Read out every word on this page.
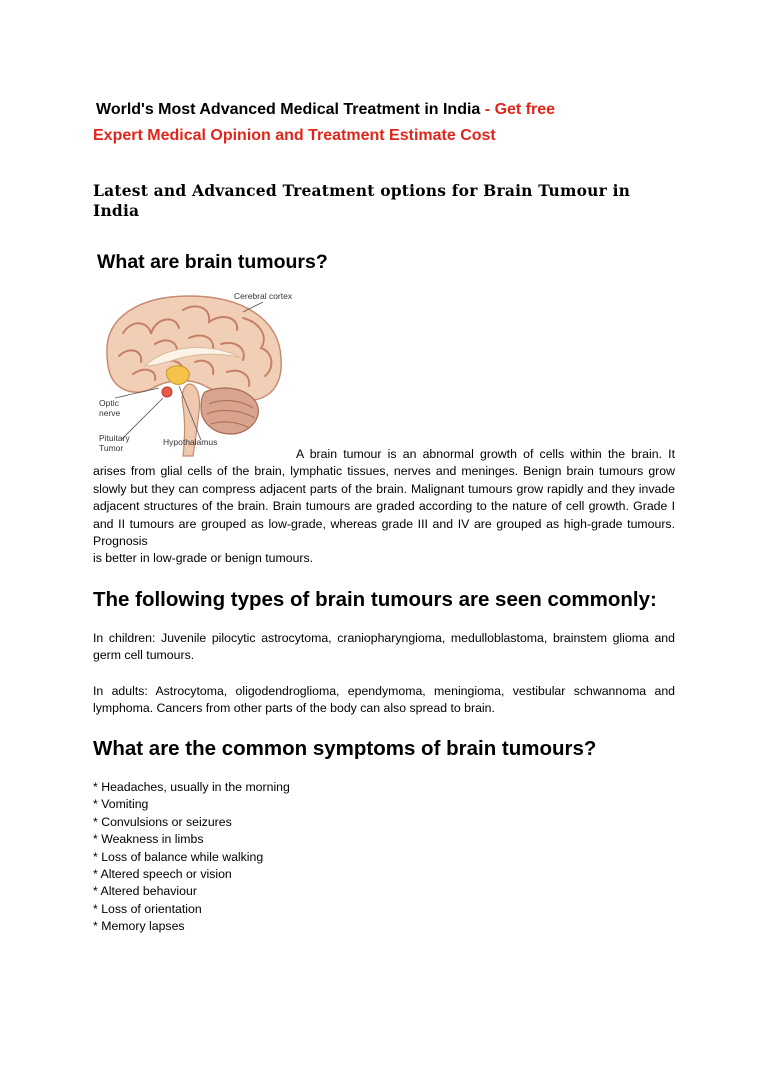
World's Most Advanced Medical Treatment in India - Get free
Expert Medical Opinion and Treatment Estimate Cost

Latest and Advanced Treatment options for Brain Tumour in
India

What are brain tumours?
Cerebral cortex
Optic
nerve
Pituitary
Tumor
Hypothalamus

A brain tumour is an abnormal growth of cells within the brain. It arises from glial cells of the brain, lymphatic tissues, nerves and meninges. Benign brain tumours grow slowly but they can compress adjacent parts of the brain. Malignant tumours grow rapidly and they invade adjacent structures of the brain. Brain tumours are graded according to the nature of cell growth. Grade I and II tumours are grouped as low-grade, whereas grade III and IV are grouped as high-grade tumours. Prognosis
is better in low-grade or benign tumours.

The following types of brain tumours are seen commonly:

In children: Juvenile pilocytic astrocytoma, craniopharyngioma, medulloblastoma, brainstem glioma and germ cell tumours.

In adults: Astrocytoma, oligodendroglioma, ependymoma, meningioma, vestibular schwannoma and lymphoma. Cancers from other parts of the body can also spread to brain.

What are the common symptoms of brain tumours?
* Headaches, usually in the morning
* Vomiting
* Convulsions or seizures
* Weakness in limbs
* Loss of balance while walking
* Altered speech or vision
* Altered behaviour
* Loss of orientation
* Memory lapses
